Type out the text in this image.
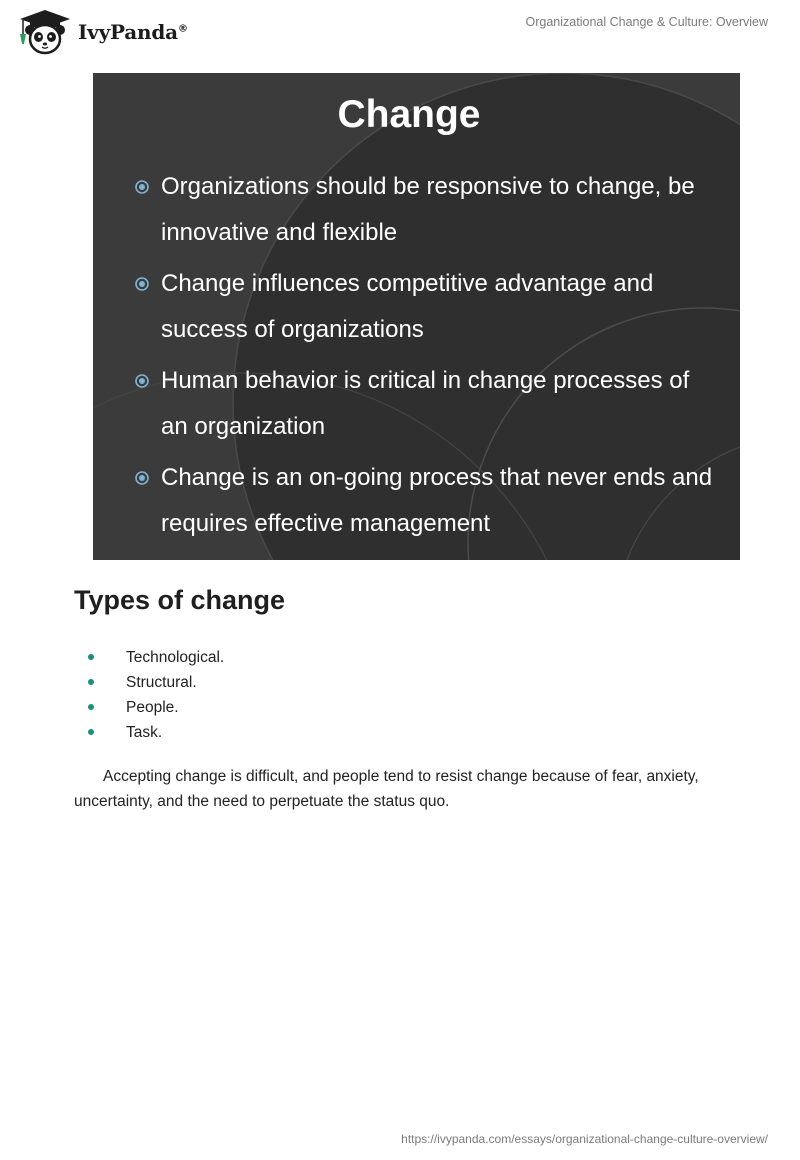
IvyPanda®	Organizational Change & Culture: Overview
Change
Organizations should be responsive to change, be innovative and flexible
Change influences competitive advantage and success of organizations
Human behavior is critical in change processes of an organization
Change is an on-going process that never ends and requires effective management
Types of change
Technological.
Structural.
People.
Task.

Accepting change is difficult, and people tend to resist change because of fear, anxiety, uncertainty, and the need to perpetuate the status quo.

https://ivypanda.com/essays/organizational-change-culture-overview/
